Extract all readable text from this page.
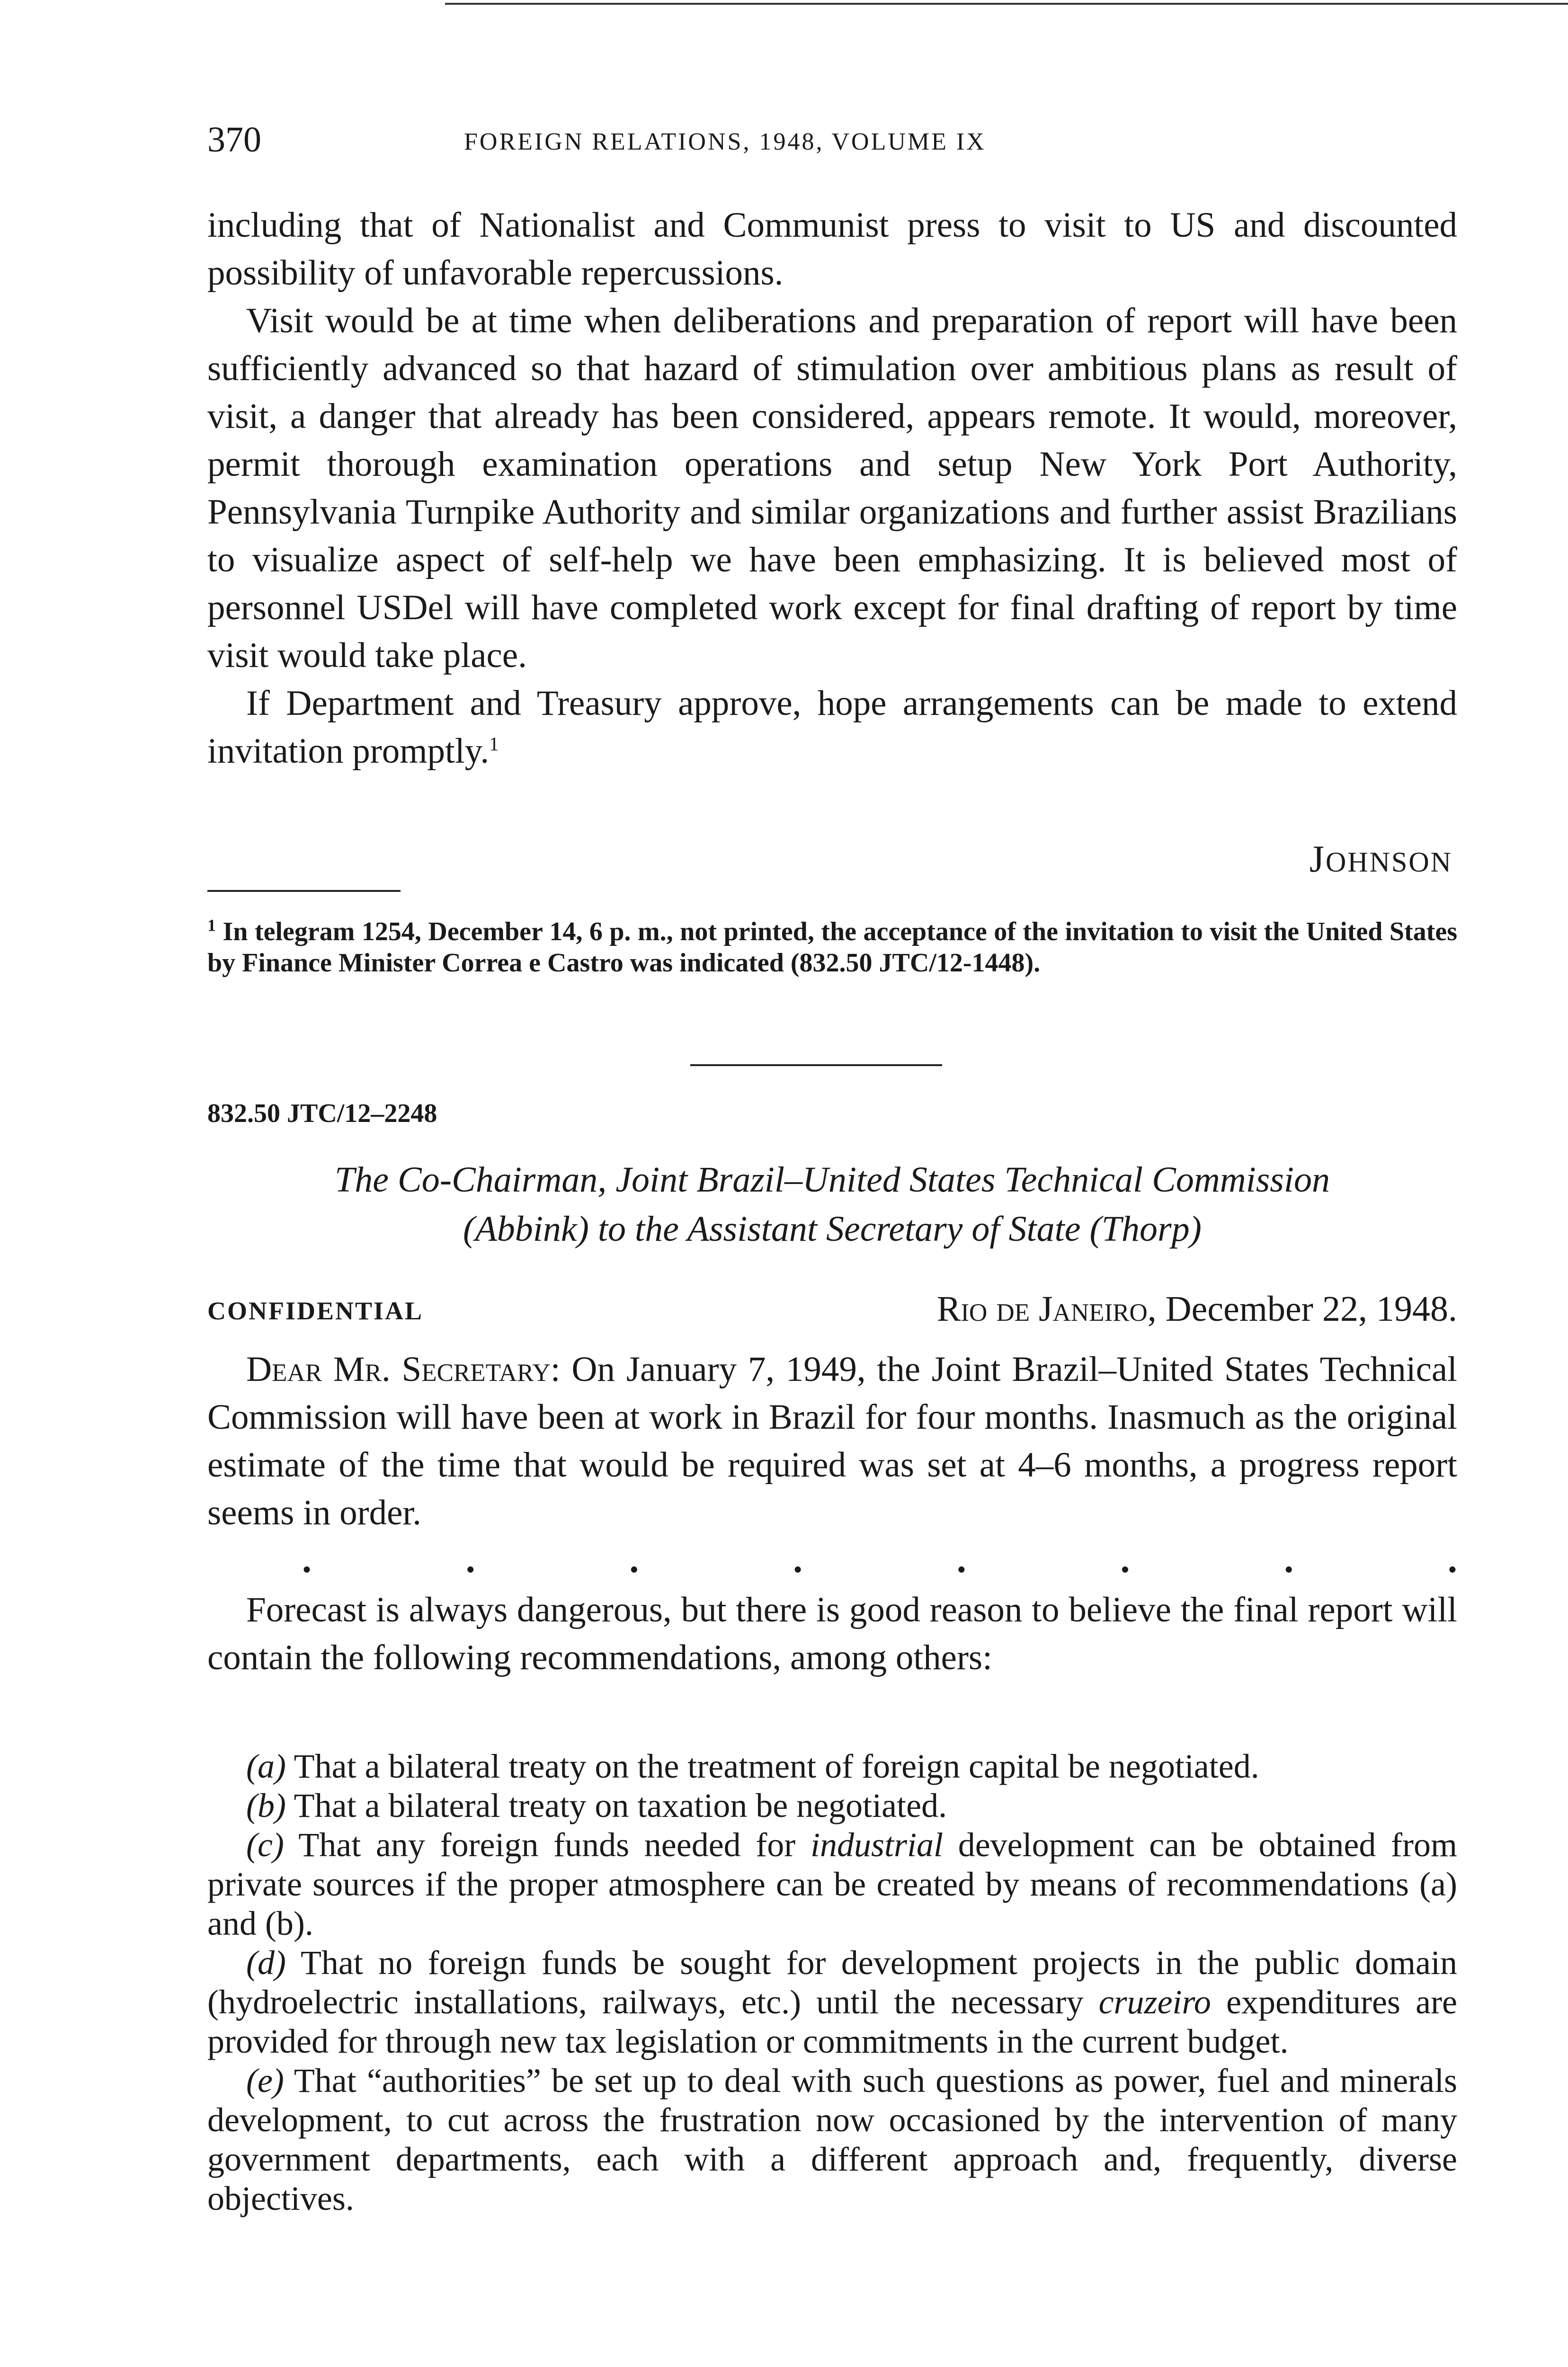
370	FOREIGN RELATIONS, 1948, VOLUME IX

including that of Nationalist and Communist press to visit to US and discounted possibility of unfavorable repercussions.

Visit would be at time when deliberations and preparation of report will have been sufficiently advanced so that hazard of stimulation over ambitious plans as result of visit, a danger that already has been considered, appears remote. It would, moreover, permit thorough examination operations and setup New York Port Authority, Pennsylvania Turnpike Authority and similar organizations and further assist Brazilians to visualize aspect of self-help we have been emphasizing. It is believed most of personnel USDel will have completed work except for final drafting of report by time visit would take place.

If Department and Treasury approve, hope arrangements can be made to extend invitation promptly.$^1$

JOHNSON
$^1$ In telegram 1254, December 14, 6 p. m., not printed, the acceptance of the invitation to visit the United States by Finance Minister Correa e Castro was indicated (832.50 JTC/12-1448).
832.50 JTC/12–2248
The Co-Chairman, Joint Brazil–United States Technical Commission
(Abbink) to the Assistant Secretary of State (Thorp)
CONFIDENTIAL	Rio de Janeiro, December 22, 1948.

Dear Mr. Secretary: On January 7, 1949, the Joint Brazil–United States Technical Commission will have been at work in Brazil for four months. Inasmuch as the original estimate of the time that would be required was set at 4–6 months, a progress report seems in order.

.	.	.	.	.	.	.	.

Forecast is always dangerous, but there is good reason to believe the final report will contain the following recommendations, among others:

(a) That a bilateral treaty on the treatment of foreign capital be negotiated.

(b) That a bilateral treaty on taxation be negotiated.

(c) That any foreign funds needed for industrial development can be obtained from private sources if the proper atmosphere can be created by means of recommendations (a) and (b).

(d) That no foreign funds be sought for development projects in the public domain (hydroelectric installations, railways, etc.) until the necessary cruzeiro expenditures are provided for through new tax legislation or commitments in the current budget.

(e) That “authorities” be set up to deal with such questions as power, fuel and minerals development, to cut across the frustration now occasioned by the intervention of many government departments, each with a different approach and, frequently, diverse objectives.
